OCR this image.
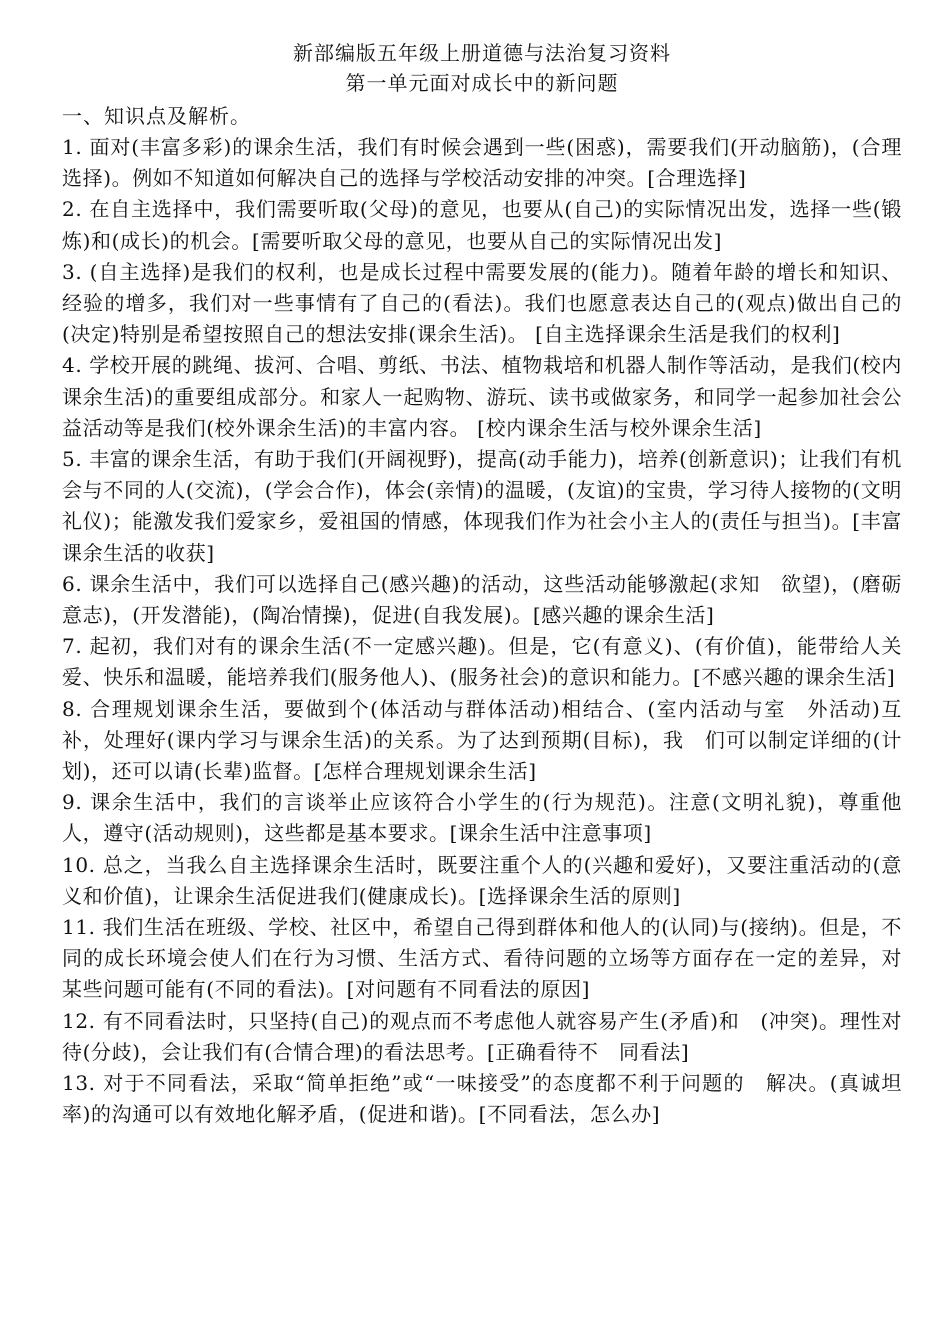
新部编版五年级上册道德与法治复习资料
第一单元面对成长中的新问题
一、知识点及解析。

1. 面对(丰富多彩)的课余生活，我们有时候会遇到一些(困惑)，需要我们(开动脑筋)，(合理选择)。例如不知道如何解决自己的选择与学校活动安排的冲突。[合理选择]

2. 在自主选择中，我们需要听取(父母)的意见，也要从(自己)的实际情况出发，选择一些(锻炼)和(成长)的机会。[需要听取父母的意见，也要从自己的实际情况出发]

3. (自主选择)是我们的权利，也是成长过程中需要发展的(能力)。随着年龄的增长和知识、经验的增多，我们对一些事情有了自己的(看法)。我们也愿意表达自己的(观点)做出自己的(决定)特别是希望按照自己的想法安排(课余生活)。 [自主选择课余生活是我们的权利]

4. 学校开展的跳绳、拔河、合唱、剪纸、书法、植物栽培和机器人制作等活动，是我们(校内课余生活)的重要组成部分。和家人一起购物、游玩、读书或做家务，和同学一起参加社会公益活动等是我们(校外课余生活)的丰富内容。 [校内课余生活与校外课余生活]

5. 丰富的课余生活，有助于我们(开阔视野)，提高(动手能力)，培养(创新意识)；让我们有机会与不同的人(交流)，(学会合作)，体会(亲情)的温暖，(友谊)的宝贵，学习待人接物的(文明礼仪)；能激发我们爱家乡，爱祖国的情感，体现我们作为社会小主人的(责任与担当)。[丰富课余生活的收获]

6. 课余生活中，我们可以选择自己(感兴趣)的活动，这些活动能够激起(求知　欲望)，(磨砺意志)，(开发潜能)，(陶冶情操)，促进(自我发展)。[感兴趣的课余生活]

7. 起初，我们对有的课余生活(不一定感兴趣)。但是，它(有意义)、(有价值)，能带给人关爱、快乐和温暖，能培养我们(服务他人)、(服务社会)的意识和能力。[不感兴趣的课余生活]

8. 合理规划课余生活，要做到个(体活动与群体活动)相结合、(室内活动与室　外活动)互补，处理好(课内学习与课余生活)的关系。为了达到预期(目标)，我　们可以制定详细的(计划)，还可以请(长辈)监督。[怎样合理规划课余生活]

9. 课余生活中，我们的言谈举止应该符合小学生的(行为规范)。注意(文明礼貌)，尊重他人，遵守(活动规则)，这些都是基本要求。[课余生活中注意事项]

10. 总之，当我么自主选择课余生活时，既要注重个人的(兴趣和爱好)，又要注重活动的(意义和价值)，让课余生活促进我们(健康成长)。[选择课余生活的原则]

11. 我们生活在班级、学校、社区中，希望自己得到群体和他人的(认同)与(接纳)。但是，不同的成长环境会使人们在行为习惯、生活方式、看待问题的立场等方面存在一定的差异，对某些问题可能有(不同的看法)。[对问题有不同看法的原因]

12. 有不同看法时，只坚持(自己)的观点而不考虑他人就容易产生(矛盾)和　(冲突)。理性对待(分歧)，会让我们有(合情合理)的看法思考。[正确看待不　同看法]

13. 对于不同看法，采取“简单拒绝”或“一味接受”的态度都不利于问题的　解决。(真诚坦率)的沟通可以有效地化解矛盾，(促进和谐)。[不同看法，怎么办]
